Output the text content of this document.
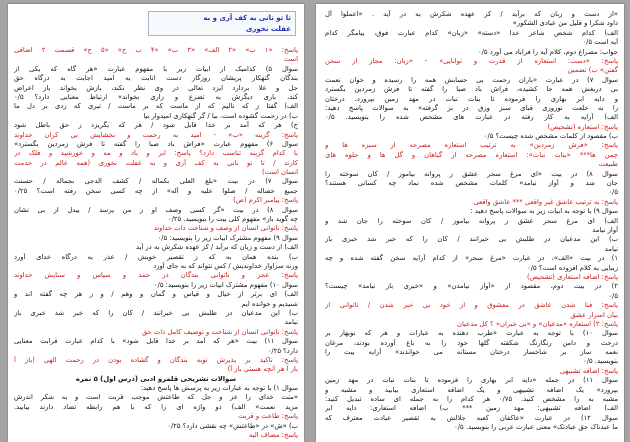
تا تو نانی به کف آری و به
غفلت نخوری
پاسخ: «۱ ب» «۲ الف» «۳ ب» «۴ ب ج» «۵ ج» قسمت ۲ اضافی
است
سوال ۵) کدامیک از ابیات زیر با مفهوم عبارت «هر گاه که یکی از
بندگان گنهکار پریشان روزگار دست انابت به امید اجابت به درگاه حق
جل و علا بردارد ایزد تعالی در وی نظر نکند، بازش بخواند باز اعراض
کند، باری دیگرش به تضرع و زاری بخواند» ارتباط معنایی دارد؟ ۰/۵
الف) گفتا ز که نالیم که از ماست که بر ماست / تیری که زدی بر دل ما
ب) در رحمت گشوده است، بیا / گر گنهکاری امیدوار بیا
ج) هر که آمد بر خدا قابل شود / هر که بگریزد ز حق باطل شود
پاسخ: گزینه «ب» - امید به رحمت و بخشایش بی کران خداوند
سوال ۶) مفهوم عبارت «فراش باد صبا را گفته تا فرش زمردین بگسترد»
با کدام گزینه تناسب دارد؟ پاسخ: ابر و باد و مه و خورشید و فلک در
کارند / تا تو نانی به کف آری و به غفلت نخوری (همه عالم در خدمت
انسان است)
سوال ۷) در بیت «بلغ العلی بکماله / کشف الدجی بجماله / حسنت
جمیع خصاله / صلوا علیه و آله» از چه کسی سخن رفته است؟ ۰/۲۵
پاسخ: پیامبر اکرم (ص)
سوال ۸) در بیت «گر کسی وصف او ز من پرسد / بیدل از بی نشان
چه گوید باز» مفهوم کلی بیت را بنویسید. ۰/۲۵
پاسخ: ناتوانی انسان از وصف و شناخت ذات خداوند
سوال ۹) مفهوم مشترک ابیات زیر را بنویسید: ۰/۵
الف) از دست و زبان که برآید / کز عهده شکرش به در آید
ب) بنده همان به که ز تقصیر خویش / عذر به درگاه خدای آورد
ورنه سزاوار خداوندیش / کس نتواند که به جای آورد
پاسخ: عجز و ناتوانی بندگان در حمد و سپاس و ستایش خداوند
سوال ۱۰) مفهوم مشترک ابیات زیر را بنویسید: ۰/۵
الف) ای برتر از خیال و قیاس و گمان و وهم / و ز هر چه گفته اند و
شنیدیم و خوانده ایم
ب) این مدعیان در طلبش بی خبرانند / کان را که خبر شد خبری باز
نیامد
پاسخ: ناتوانی انسان از شناخت و توصیف کامل ذات حق
سوال ۱۱) بیت «هر که آمد بر خدا قابل شود» با کدام عبارت قرابت معنایی
دارد؟ ۰/۲۵
پاسخ: تاکید بر پذیرش توبه بندگان و گشاده بودن در رحمت الهی (باز آ
باز آ هر آنچه هستی باز آ)
سوالات تشریحی قلمرو ادبی (درس اول) ۵ نمره
سوال ۱) با توجه به عبارات زیر به پرسش ها پاسخ دهید:
«منت خدای را عز و جل که طاعتش موجب قربت است و به شکر اندرش
مزید نعمت» الف) دو واژه ای را که با هم رابطه تضاد دارند بیابید.
پاسخ: طاعت و قربت
ب) «ش» در «طاعتش» چه نقشی دارد؟ ۰/۲۵
پاسخ: مضاف الیه
«از دست و زبان که برآید / کز عهده شکرش به در آید . «اعملوا آل
داود شکرا و قلیل من عبادی الشکور»
الف) کدام شخص شاعر خدا «دسته» «زبان» کدام عبارت فوق، پیامگر کدام
آیه است ۰/۵
جواب: مصراع دوم، کلام آیه را فرایاد می آورد ۰/۵
پاسخ: «دست: استعاره از قدرت و توانایی» - «زبان: مجاز از سخن
گفتن» ب) تضمین
سوال ۷) در عبارت «باران رحمت بی حسابش همه را رسیده و خوان نعمت
بی دریغش همه جا کشیده، فراش باد صبا را گفته تا فرش زمردین بگسترد
و دایه ابر بهاری را فرموده تا بنات نبات در مهد زمین بپرورد، درختان
را به خلعت نوروزی قبای سبز ورق در بر گرفته» به سوالات پاسخ دهید:
الف) آرایه به کار رفته در عبارت های مشخص شده را بنویسید. ۰/۵
پاسخ: استعاره (تشخیص)
ب) مقصود از کلمات مشخص شده چیست؟ ۰/۵
پاسخ: «فرش زمردین» به ترتیب استعاره مصرحه از سبزه ها و
چمن ها*** «بنات نبات»: استعاره مصرحه از گیاهان و گل ها و جلوه های
طبیعت
سوال ۸) در بیت «ای مرغ سحر عشق ز پروانه بیاموز / کان سوخته را
جان شد و آواز نیامد» کلمات مشخص شده نماد چه کسانی هستند؟
۰/۵
پاسخ: به ترتیب عاشق غیر واقعی *** عاشق واقعی
سوال ۹) با توجه به ابیات زیر به سوالات پاسخ دهید :
الف) ای مرغ سحر عشق ز پروانه بیاموز / کان سوخته را جان شد و
آواز نیامد
ب) این مدعیان در طلبش بی خبرانند / کان را که خبر شد خبری باز
نیامد
۱) در بیت «الف»، در عبارت «مرغ سحر» از کدام آرایه سخن گفته شده و چه
زیبایی به کلام افزوده است؟ ۰/۵
پاسخ: اضافه استعاری (تشخیص)
۲) در بیت دوم، مقصود از «آواز نیامدن» و «خبری باز نیامد» چیست؟
۰/۵
پاسخ: فنا شدن عاشق در معشوق و از خود بی خبر شدن / ناتوانی از
بیان اسرار عشق
پاسخ: ۳) استعاره «مدعیان» و «بی خبران» ؟ کل مدعیان
سوال ۱۰) با توجه به عبارت «طرب دهنده به عبارات و هر که نوبهار بر
درخت و دامن رنگارنگ شکفته گلها خود را به باغ آورده بودند، مرغان
نغمه ساز بر شاخسار درختان مستانه می خواندند» آرایه بیت را
بنویسید. ۰/۵
پاسخ: اضافه تشبیهی
سوال ۱۱) در جمله «دایه ابر بهاری را فرموده تا بنات نبات در مهد زمین
بپرورد» یک اضافه تشبیهی و یک اضافه استعاری بیابید و مشبه و
مشبه به را مشخص کنید. ۰/۷۵ هر کدام را به جمله ای ساده تبدیل کنید:
الف) اضافه تشبیهی: مهد زمین *** ب) اضافه استعاری: دایه ابر
سوال ۱۲) در عبارت «عاکفان کعبه جلالش به تقصیر عبادت معترف که
ما عبدناک حق عبادتک» معنی عبارت عربی را بنویسید. ۰/۵
